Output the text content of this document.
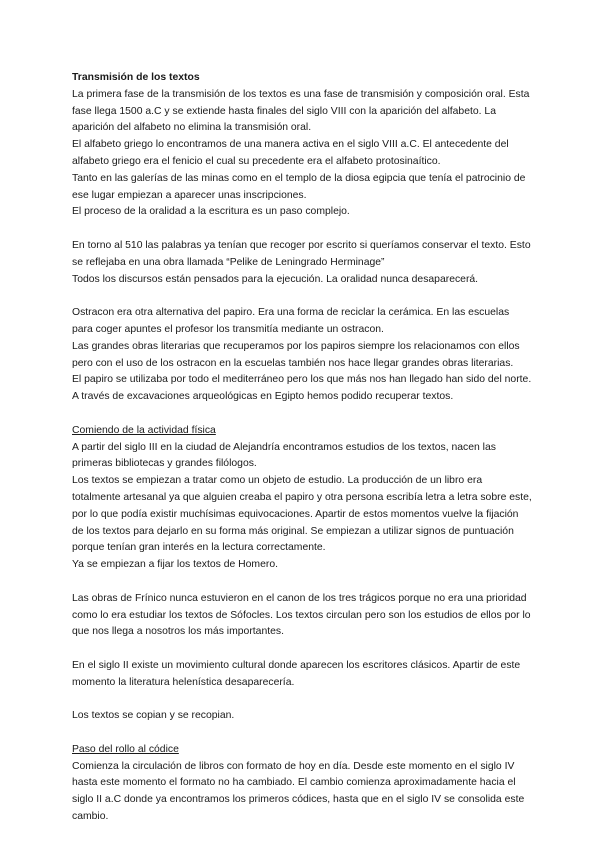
Transmisión de los textos

La primera fase de la transmisión de los textos es una fase de transmisión y composición oral. Esta fase llega 1500 a.C y se extiende hasta finales del siglo VIII con la aparición del alfabeto. La aparición del alfabeto no elimina la transmisión oral.

El alfabeto griego lo encontramos de una manera activa en el siglo VIII a.C. El antecedente del alfabeto griego era el fenicio el cual su precedente era el alfabeto protosinaítico.

Tanto en las galerías de las minas como en el templo de la diosa egipcia que tenía el patrocinio de ese lugar empiezan a aparecer unas inscripciones.

El proceso de la oralidad a la escritura es un paso complejo.

En torno al 510 las palabras ya tenían que recoger por escrito si queríamos conservar el texto. Esto se reflejaba en una obra llamada “Pelike de Leningrado Herminage”

Todos los discursos están pensados para la ejecución. La oralidad nunca desaparecerá.

Ostracon era otra alternativa del papiro. Era una forma de reciclar la cerámica. En las escuelas para coger apuntes el profesor los transmitía mediante un ostracon.

Las grandes obras literarias que recuperamos por los papiros siempre los relacionamos con ellos pero con el uso de los ostracon en la escuelas también nos hace llegar grandes obras literarias.

El papiro se utilizaba por todo el mediterráneo pero los que más nos han llegado han sido del norte. A través de excavaciones arqueológicas en Egipto hemos podido recuperar textos.

Comiendo de la actividad física

A partir del siglo III en la ciudad de Alejandría encontramos estudios de los textos, nacen las primeras bibliotecas y grandes filólogos.

Los textos se empiezan a tratar como un objeto de estudio. La producción de un libro era totalmente artesanal ya que alguien creaba el papiro y otra persona escribía letra a letra sobre este, por lo que podía existir muchísimas equivocaciones. Apartir de estos momentos vuelve la fijación de los textos para dejarlo en su forma más original. Se empiezan a utilizar signos de puntuación porque tenían gran interés en la lectura correctamente.

Ya se empiezan a fijar los textos de Homero.

Las obras de Frínico nunca estuvieron en el canon de los tres trágicos porque no era una prioridad como lo era estudiar los textos de Sófocles. Los textos circulan pero son los estudios de ellos por lo que nos llega a nosotros los más importantes.

En el siglo II existe un movimiento cultural donde aparecen los escritores clásicos. Apartir de este momento la literatura helenística desaparecería.

Los textos se copian y se recopian.

Paso del rollo al códice

Comienza la circulación de libros con formato de hoy en día. Desde este momento en el siglo IV hasta este momento el formato no ha cambiado. El cambio comienza aproximadamente hacia el siglo II a.C donde ya encontramos los primeros códices, hasta que en el siglo IV se consolida este cambio.
